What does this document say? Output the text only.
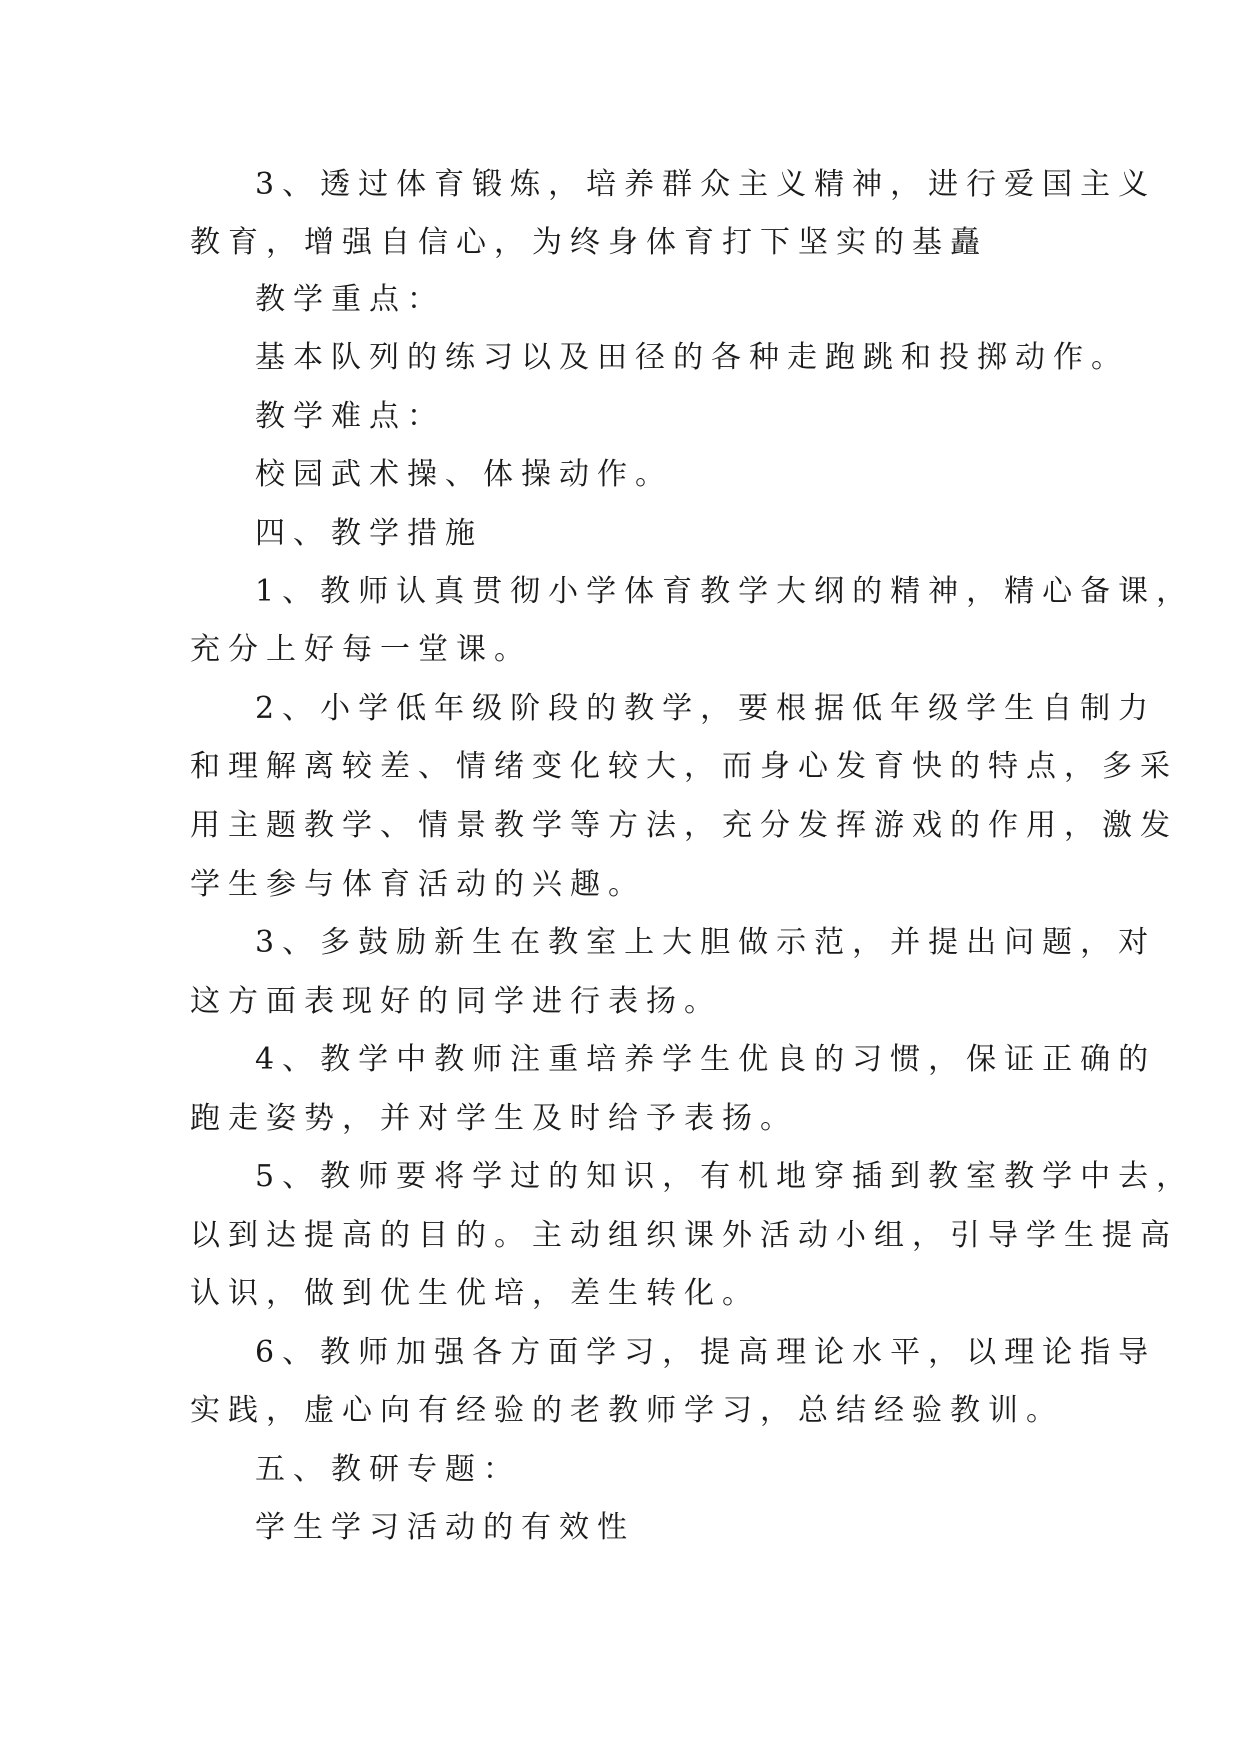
3、透过体育锻炼，培养群众主义精神，进行爱国主义
教育，增强自信心，为终身体育打下坚实的基矗
教学重点：
基本队列的练习以及田径的各种走跑跳和投掷动作。
教学难点：
校园武术操、体操动作。
四、教学措施
1、教师认真贯彻小学体育教学大纲的精神，精心备课，
充分上好每一堂课。
2、小学低年级阶段的教学，要根据低年级学生自制力
和理解离较差、情绪变化较大，而身心发育快的特点，多采
用主题教学、情景教学等方法，充分发挥游戏的作用，激发
学生参与体育活动的兴趣。
3、多鼓励新生在教室上大胆做示范，并提出问题，对
这方面表现好的同学进行表扬。
4、教学中教师注重培养学生优良的习惯，保证正确的
跑走姿势，并对学生及时给予表扬。
5、教师要将学过的知识，有机地穿插到教室教学中去，
以到达提高的目的。主动组织课外活动小组，引导学生提高
认识，做到优生优培，差生转化。
6、教师加强各方面学习，提高理论水平，以理论指导
实践，虚心向有经验的老教师学习，总结经验教训。
五、教研专题：
学生学习活动的有效性
